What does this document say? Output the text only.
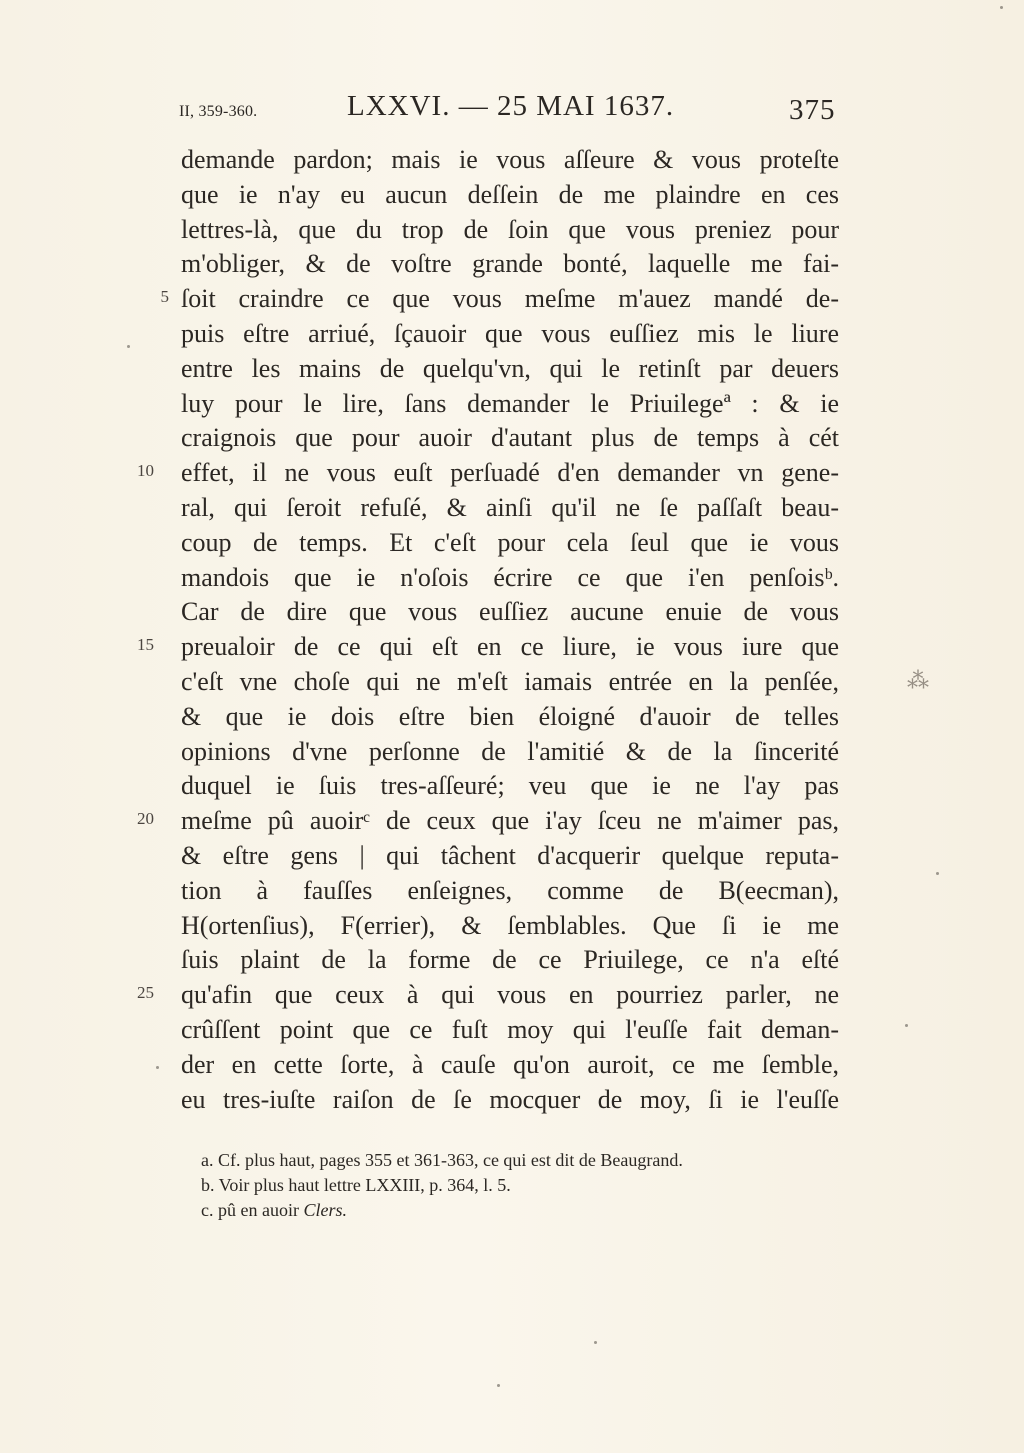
II, 359-360.	LXXVI. — 25 MAI 1637.	375
demande pardon; mais ie vous aſſeure & vous proteſte
que ie n'ay eu aucun deſſein de me plaindre en ces
lettres-là, que du trop de ſoin que vous preniez pour
m'obliger, & de voſtre grande bonté, laquelle me fai-
ſoit craindre ce que vous meſme m'auez mandé de-
puis eſtre arriué, ſçauoir que vous euſſiez mis le liure
entre les mains de quelqu'vn, qui le retinſt par deuers
luy pour le lire, ſans demander le Priuilegeª : & ie
craignois que pour auoir d'autant plus de temps à cét
effet, il ne vous euſt perſuadé d'en demander vn gene-
ral, qui ſeroit refuſé, & ainſi qu'il ne ſe paſſaſt beau-
coup de temps. Et c'eſt pour cela ſeul que ie vous
mandois que ie n'oſois écrire ce que i'en penſoisᵇ.
Car de dire que vous euſſiez aucune enuie de vous
preualoir de ce qui eſt en ce liure, ie vous iure que
c'eſt vne choſe qui ne m'eſt iamais entrée en la penſée,
& que ie dois eſtre bien éloigné d'auoir de telles
opinions d'vne perſonne de l'amitié & de la ſincerité
duquel ie ſuis tres-aſſeuré; veu que ie ne l'ay pas
meſme pû auoirᶜ de ceux que i'ay ſceu ne m'aimer pas,
& eſtre gens | qui tâchent d'acquerir quelque reputa-
tion à fauſſes enſeignes, comme de B(eecman),
H(ortenſius), F(errier), & ſemblables. Que ſi ie me
ſuis plaint de la forme de ce Priuilege, ce n'a eſté
qu'afin que ceux à qui vous en pourriez parler, ne
crûſſent point que ce fuſt moy qui l'euſſe fait deman-
der en cette ſorte, à cauſe qu'on auroit, ce me ſemble,
eu tres-iuſte raiſon de ſe mocquer de moy, ſi ie l'euſſe
5
10
15
20
25
a. Cf. plus haut, pages 355 et 361-363, ce qui est dit de Beaugrand.
b. Voir plus haut lettre LXXIII, p. 364, l. 5.
c. pû en auoir Clers.
⁂
